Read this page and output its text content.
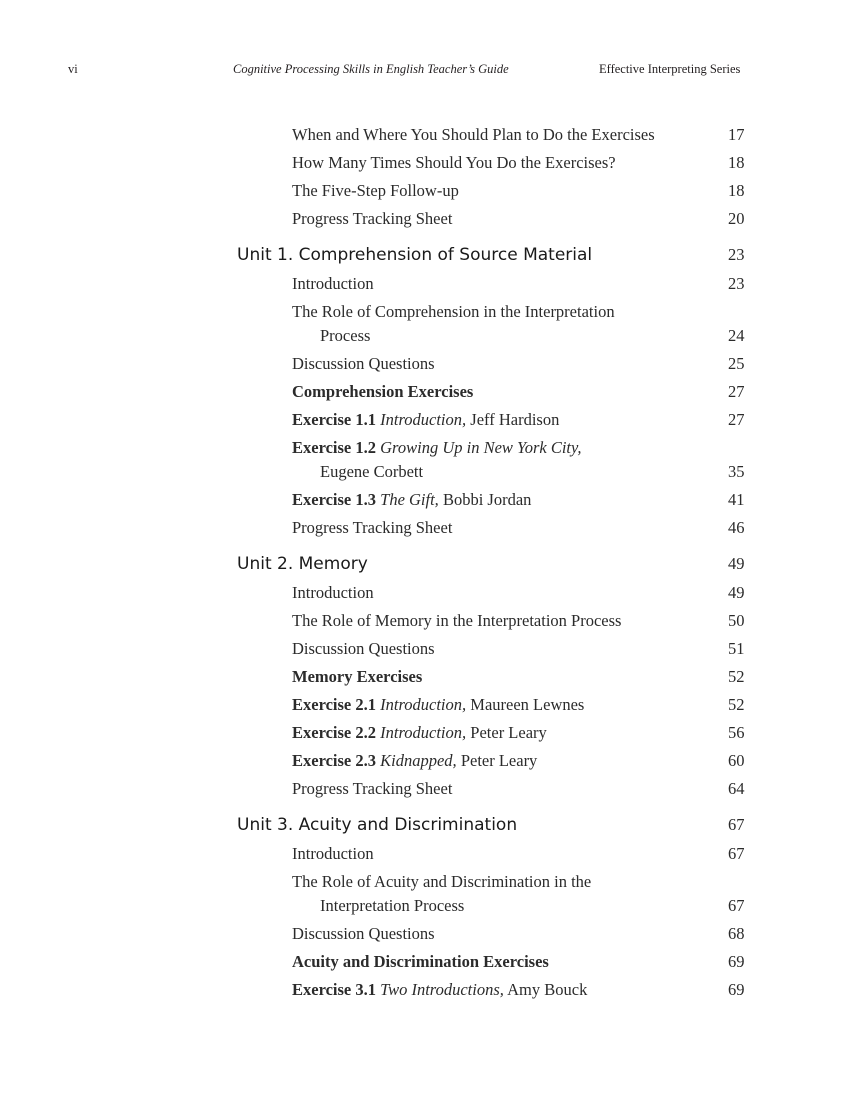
vi	Cognitive Processing Skills in English Teacher’s Guide	Effective Interpreting Series
When and Where You Should Plan to Do the Exercises	17
How Many Times Should You Do the Exercises?	18
The Five-Step Follow-up	18
Progress Tracking Sheet	20
Unit 1. Comprehension of Source Material	23
Introduction	23
The Role of Comprehension in the Interpretation
Process	24
Discussion Questions	25
Comprehension Exercises	27
Exercise 1.1 Introduction, Jeff Hardison	27
Exercise 1.2 Growing Up in New York City,
Eugene Corbett	35
Exercise 1.3 The Gift, Bobbi Jordan	41
Progress Tracking Sheet	46
Unit 2. Memory	49
Introduction	49
The Role of Memory in the Interpretation Process	50
Discussion Questions	51
Memory Exercises	52
Exercise 2.1 Introduction, Maureen Lewnes	52
Exercise 2.2 Introduction, Peter Leary	56
Exercise 2.3 Kidnapped, Peter Leary	60
Progress Tracking Sheet	64
Unit 3. Acuity and Discrimination	67
Introduction	67
The Role of Acuity and Discrimination in the
Interpretation Process	67
Discussion Questions	68
Acuity and Discrimination Exercises	69
Exercise 3.1 Two Introductions, Amy Bouck	69
